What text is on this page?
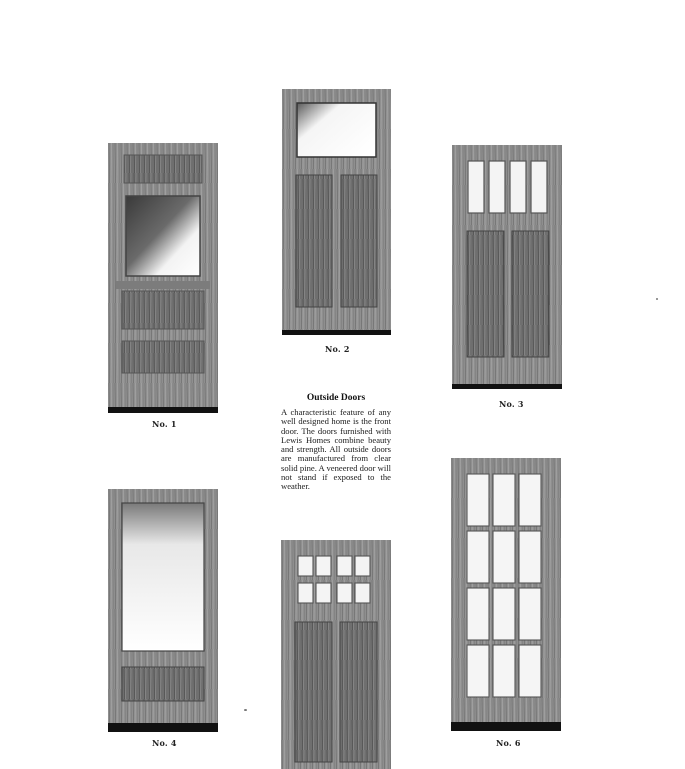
No. 1
No. 2
No. 3
Outside Doors

A characteristic feature of any well designed home is the front door. The doors furnished with Lewis Homes combine beauty and strength. All outside doors are manufactured from clear solid pine. A veneered door will not stand if exposed to the weather.

No. 4	No. 6
